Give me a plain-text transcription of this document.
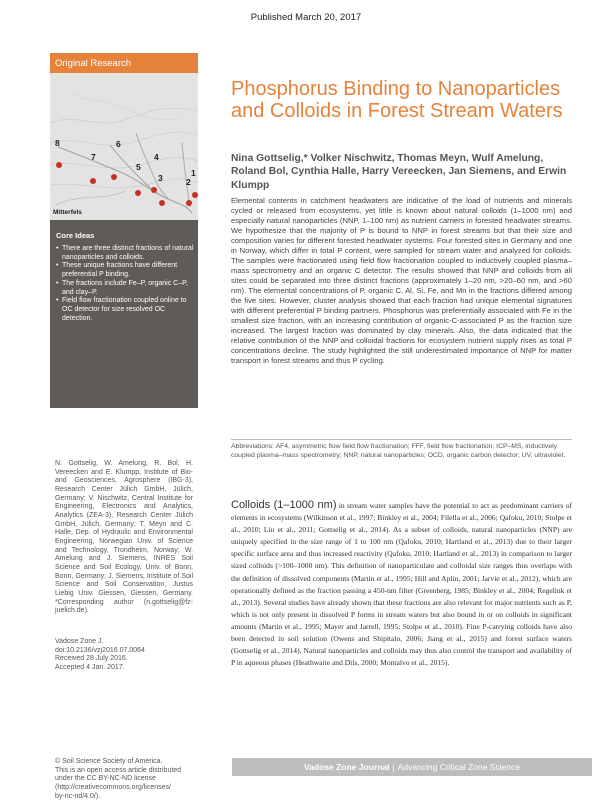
Published March 20, 2017
Original Research
8
7
6
5
4
3	2
1
Mitterfels
Core Ideas
• There are three distinct fractions of natural nanoparticles and colloids.
• These unique fractions have different preferential P binding.
• The fractions include Fe–P, organic C–P, and clay–P.
• Field flow fractionation coupled online to OC detector for size resolved OC detection.
N. Gottselig, W. Amelung, R. Bol, H. Vereecken and E. Klumpp, Institute of Bio- and Geosciences, Agrosphere (IBG-3), Research Center Jülich GmbH, Jülich, Germany; V. Nischwitz, Central Institute for Engineering, Electronics and Analytics, Analytics (ZEA-3), Research Center Jülich GmbH, Jülich, Germany; T. Meyn and C. Halle, Dep. of Hydraulic and Environmental Engineering, Norwegian Univ. of Science and Technology, Trondheim, Norway; W. Amelung and J. Siemens, INRES Soil Science and Soil Ecology, Univ. of Bonn, Bonn, Germany; J. Siemens, Institute of Soil Science and Soil Conservation, Justus Liebig Univ. Giessen, Giessen, Germany. *Corresponding author (n.gottselig@fz-juelich.de).
Vadose Zone J.
doi:10.2136/vzj2016.07.0064
Received 28 July 2016.
Accepted 4 Jan. 2017.
© Soil Science Society of America.
This is an open access article distributed under the CC BY-NC-ND license
(http://creativecommons.org/licenses/
by-nc-nd/4.0/).
Phosphorus Binding to Nanoparticles and Colloids in Forest Stream Waters
Nina Gottselig,* Volker Nischwitz, Thomas Meyn, Wulf Amelung, Roland Bol, Cynthia Halle, Harry Vereecken, Jan Siemens, and Erwin Klumpp

Elemental contents in catchment headwaters are indicative of the load of nutrients and minerals cycled or released from ecosystems, yet little is known about natural colloids (1–1000 nm) and especially natural nanoparticles (NNP, 1–100 nm) as nutrient carriers in forested headwater streams. We hypothesize that the majority of P is bound to NNP in forest streams but that their size and composition varies for different forested headwater systems. Four forested sites in Germany and one in Norway, which differ in total P content, were sampled for stream water and analyzed for colloids. The samples were fractionated using field flow fractionation coupled to inductively coupled plasma–mass spectrometry and an organic C detector. The results showed that NNP and colloids from all sites could be separated into three distinct fractions (approximately 1–20 nm, >20–60 nm, and >60 nm). The elemental concentrations of P, organic C, Al, Si, Fe, and Mn in the fractions differed among the five sites. However, cluster analysis showed that each fraction had unique elemental signatures with different preferential P binding partners. Phosphorus was preferentially associated with Fe in the smallest size fraction, with an increasing contribution of organic-C-associated P as the fraction size increased. The largest fraction was dominated by clay minerals. Also, the data indicated that the relative contribution of the NNP and colloidal fractions for ecosystem nutrient supply rises as total P concentrations decline. The study highlighted the still underestimated importance of NNP for matter transport in forest streams and thus P cycling.

Abbreviations: AF4, asymmetric flow field flow fractionation; FFF, field flow fractionation; ICP–MS, inductively coupled plasma–mass spectrometry; NNP, natural nanoparticles; OCD, organic carbon detector; UV, ultraviolet.

Colloids (1–1000 nm) in stream water samples have the potential to act as predominant carriers of elements in ecosystems (Wilkinson et al., 1997; Binkley et al., 2004; Filella et al., 2006; Qafoku, 2010; Stolpe et al., 2010; Liu et al., 2011; Gottselig et al., 2014). As a subset of colloids, natural nanoparticles (NNP) are uniquely specified in the size range of 1 to 100 nm (Qafoku, 2010; Hartland et al., 2013) due to their larger specific surface area and thus increased reactivity (Qafoku, 2010; Hartland et al., 2013) in comparison to larger sized colloids (>100–1000 nm). This definition of nanoparticulate and colloidal size ranges thus overlaps with the definition of dissolved components (Martin et al., 1995; Hill and Aplin, 2001; Jarvie et al., 2012), which are operationally defined as the fraction passing a 450-nm filter (Greenberg, 1985; Binkley et al., 2004; Regelink et al., 2013). Several studies have already shown that these fractions are also relevant for major nutrients such as P, which is not only present in dissolved P forms in stream waters but also bound in or on colloids in significant amounts (Martin et al., 1995; Mayer and Jarrell, 1995; Stolpe et al., 2010). Fine P-carrying colloids have also been detected in soil solution (Owens and Shipitalo, 2006; Jiang et al., 2015) and forest surface waters (Gottselig et al., 2014). Natural nanoparticles and colloids may thus also control the transport and availability of P in aqueous phases (Heathwaite and Dils, 2000; Montalvo et al., 2015).

Vadose Zone Journal | Advancing Critical Zone Science
